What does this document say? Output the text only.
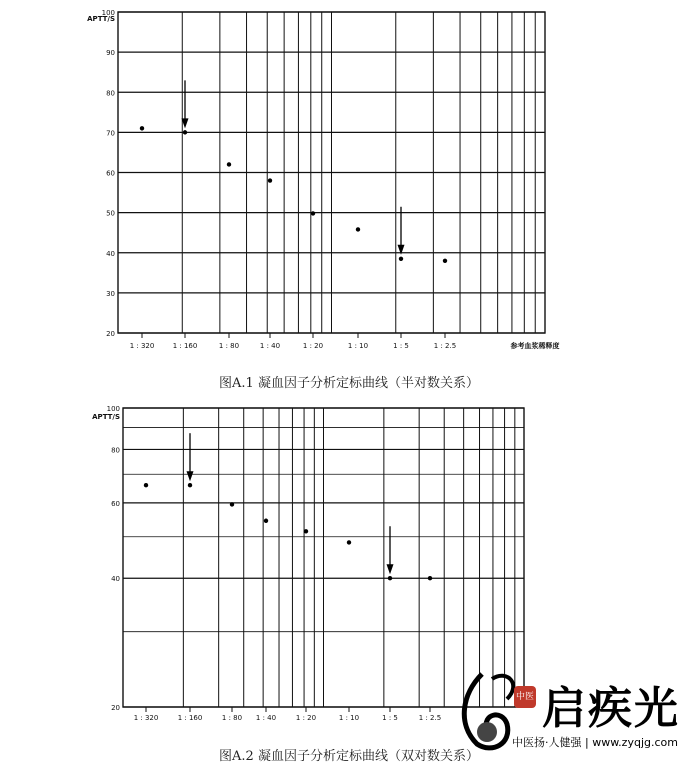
100
90
80
70
60
50
40
30
20
APTT/S
1 : 320	1 : 160	1 : 80	1 : 40	1 : 20	1 : 10	1 : 5	1 : 2.5	参考血浆稀释度
100
80
60
40
20
APTT/S
1 : 320	1 : 160	1 : 80 1 : 40	1 : 20	1 : 10	1 : 5	1 : 2.5
图A.1 凝血因子分析定标曲线（半对数关系）
图A.2 凝血因子分析定标曲线（双对数关系）
中医 启疾光
中医扬·人健强 | www.zyqjg.com
